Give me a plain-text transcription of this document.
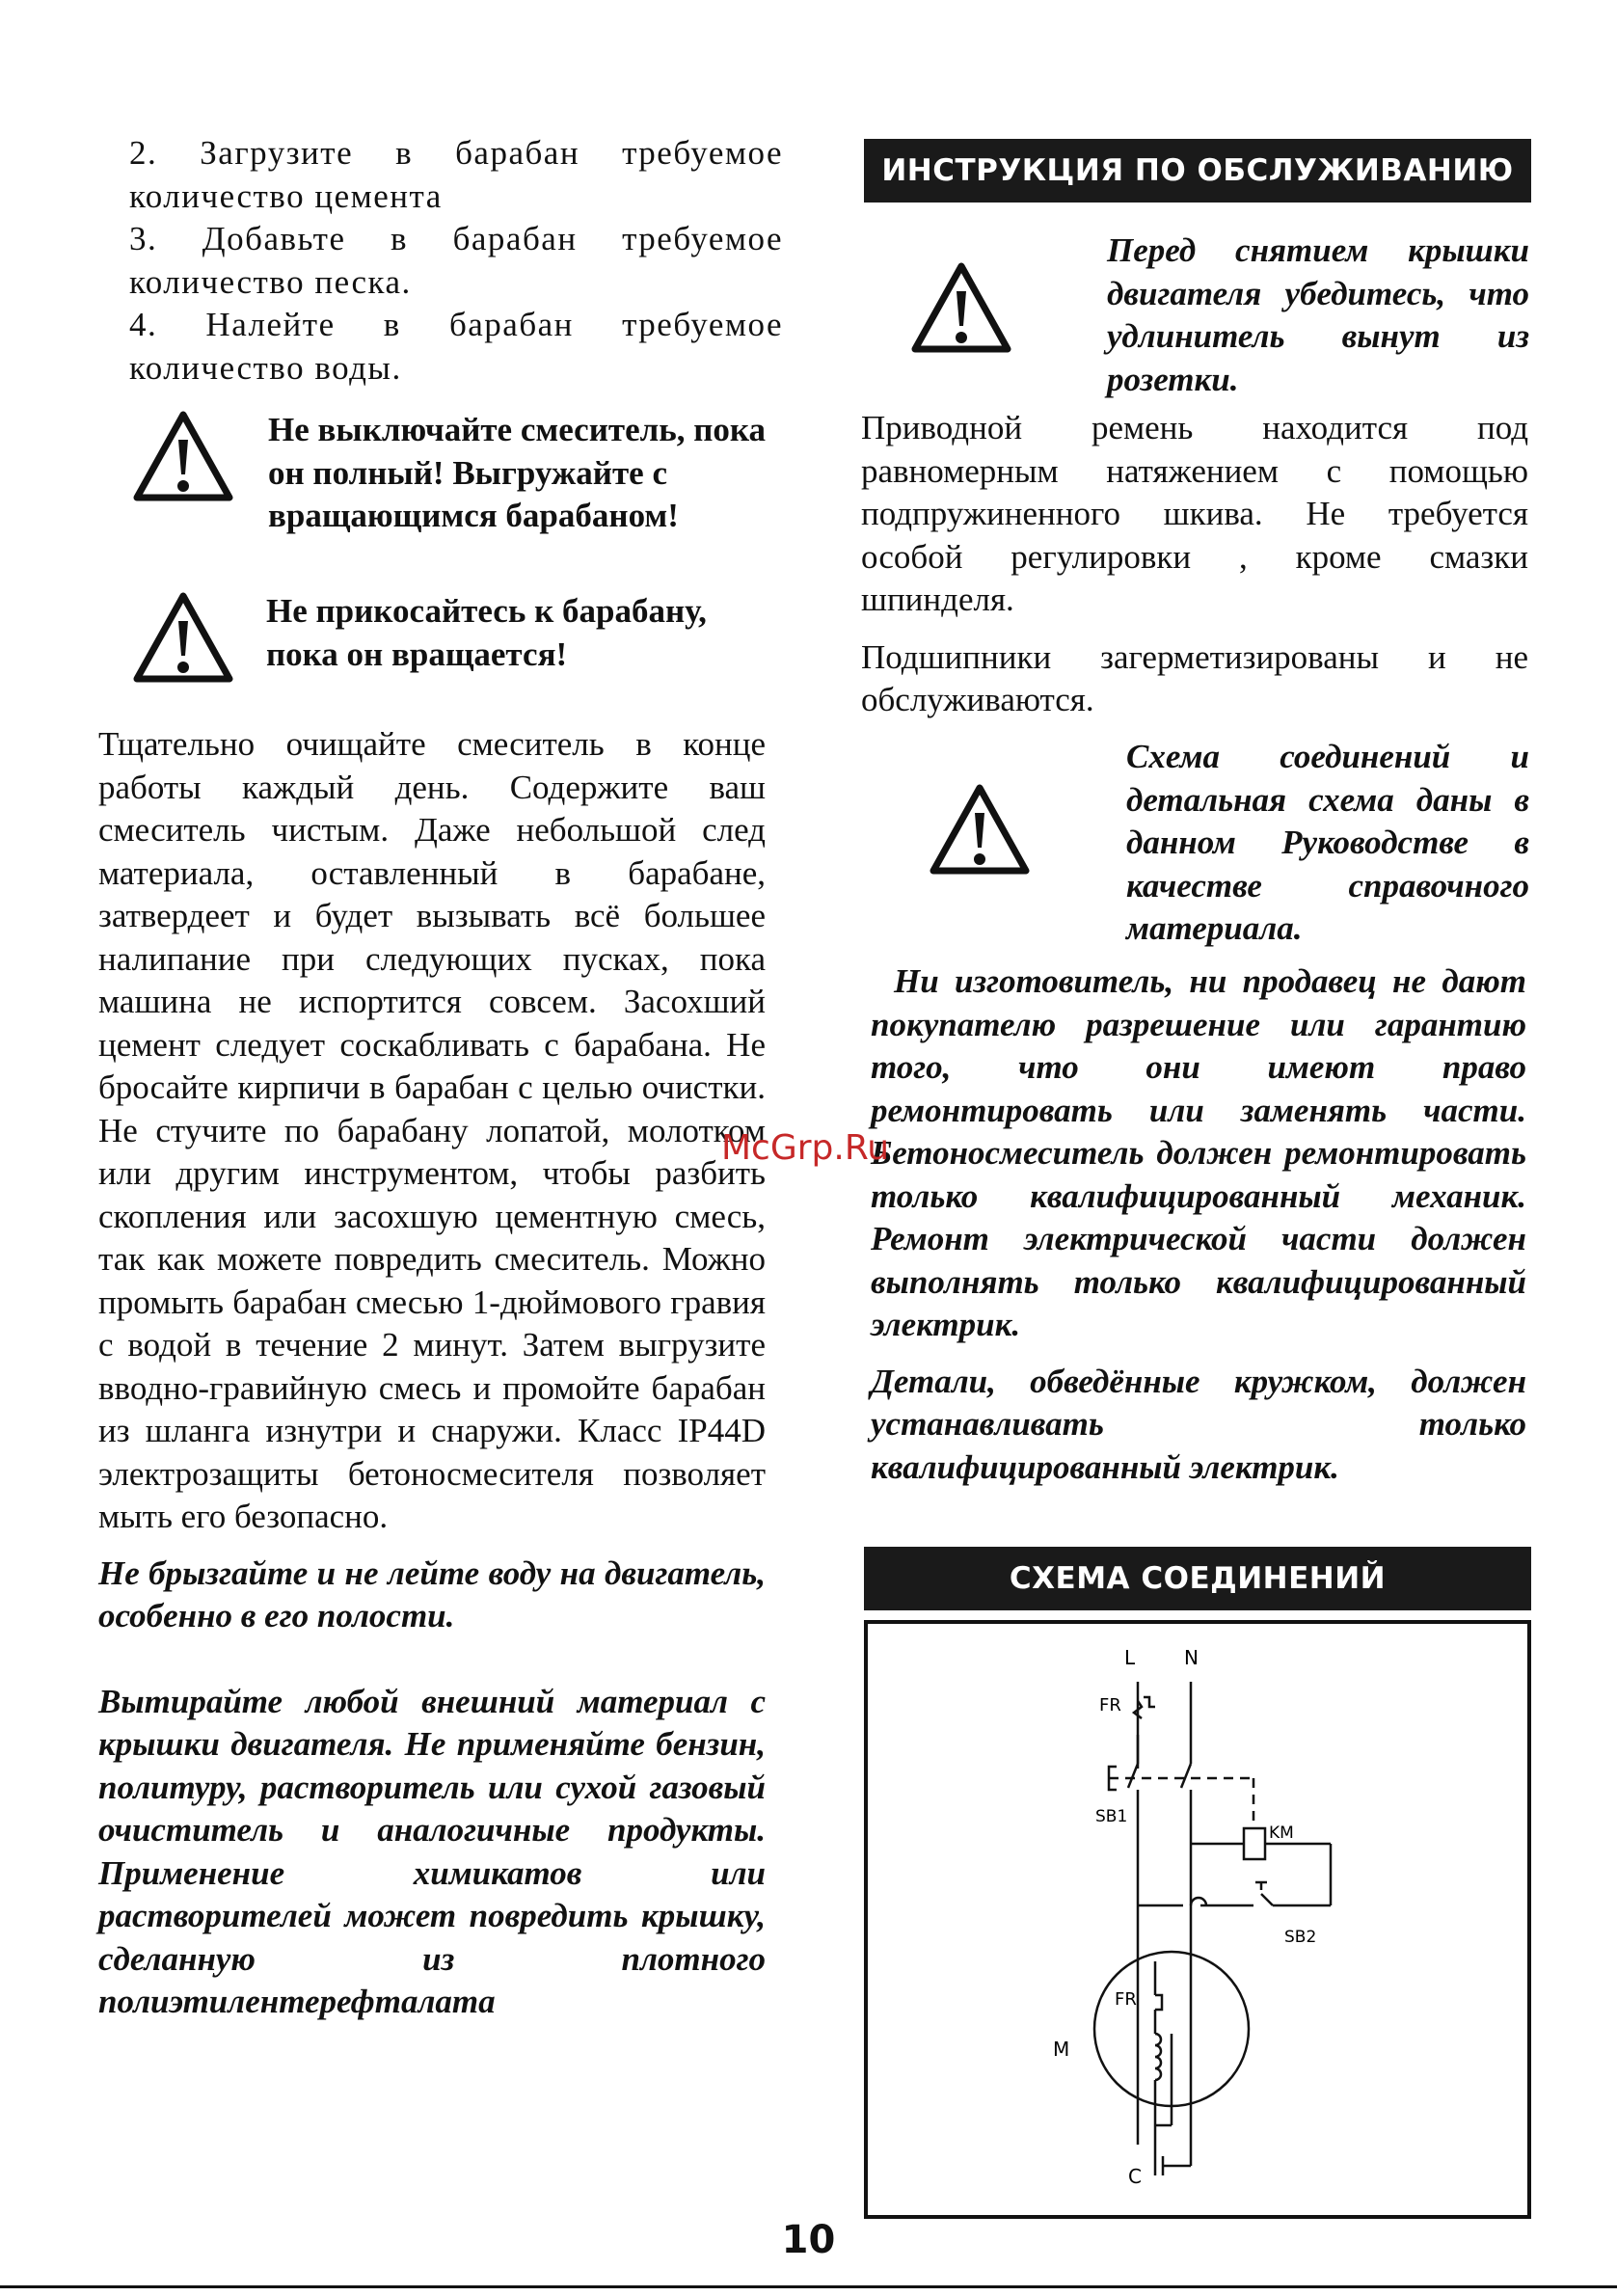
2. Загрузите в барабан требуемое количество цемента

3. Добавьте в барабан требуемое количество песка.

4. Налейте в барабан требуемое количество воды.

Не выключайте смеситель, пока он полный! Выгружайте с вращающимся барабаном!
Не прикосайтесь к барабану, пока он вращается!

Тщательно очищайте смеситель в конце работы каждый день. Содержите ваш смеситель чистым. Даже небольшой след материала, оставленный в барабане, затвердеет и будет вызывать всё большее налипание при следующих пусках, пока машина не испортится совсем. Засохший цемент следует соскабливать с барабана. Не бросайте кирпичи в барабан с целью очистки. Не стучите по барабану лопатой, молотком или другим инструментом, чтобы разбить скопления или засохшую цементную смесь, так как можете повредить смеситель. Можно промыть барабан смесью 1-дюймового гравия с водой в течение 2 минут. Затем выгрузите вводно-гравийную смесь и промойте барабан из шланга изнутри и снаружи. Класс IP44D электрозащиты бетоносмесителя позволяет мыть его безопасно.

Не брызгайте и не лейте воду на двигатель, особенно в его полости.

Вытирайте любой внешний материал с крышки двигателя. Не применяйте бензин, политуру, растворитель или сухой газовый очиститель и аналогичные продукты. Применение химикатов или растворителей может повредить крышку, сделанную из плотного полиэтилентерефталата

ИНСТРУКЦИЯ ПО ОБСЛУЖИВАНИЮ
Перед снятием крышки двигателя убедитесь, что удлинитель вынут из розетки.

Приводной ремень находится под равномерным натяжением с помощью подпружиненного шкива. Не требуется особой регулировки , кроме смазки шпинделя.

Подшипники загерметизированы и не обслуживаются.

Схема соединений и детальная схема даны в данном Руководстве в качестве справочного материала.

Ни изготовитель, ни продавец не дают покупателю разрешение или гарантию того, что они имеют право ремонтировать или заменять части. Бетоносмеситель должен ремонтировать только квалифицированный механик. Ремонт электрической части должен выполнять только квалифицированный электрик.

Детали, обведённые кружком, должен устанавливать только квалифицированный электрик.

СХЕМА СОЕДИНЕНИЙ
L	N
FR
SB1
KM
SB2
FR
M
C
McGrp.Ru
10
